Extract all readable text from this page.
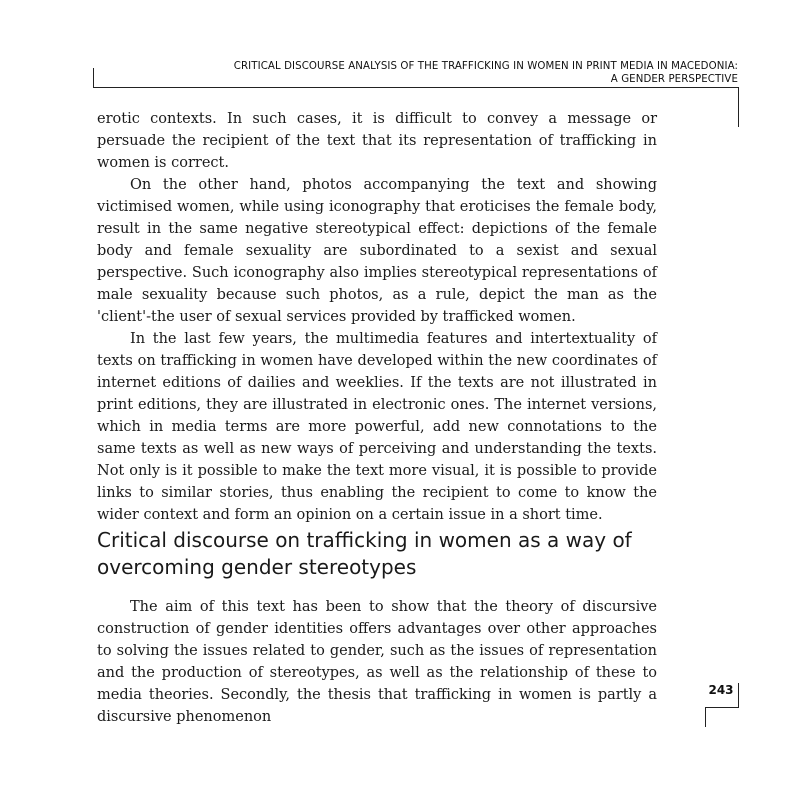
CRITICAL DISCOURSE ANALYSIS OF THE TRAFFICKING IN WOMEN IN PRINT MEDIA IN MACEDONIA:
A GENDER PERSPECTIVE

erotic contexts. In such cases, it is difficult to convey a message or persuade the recipient of the text that its representation of trafficking in women is correct.

On the other hand, photos accompanying the text and showing victimised women, while using iconography that eroticises the female body, result in the same negative stereotypical effect: depictions of the female body and female sexuality are subordinated to a sexist and sexual perspective. Such iconography also implies stereotypical representations of male sexuality because such photos, as a rule, depict the man as the 'client'-the user of sexual services provided by trafficked women.

In the last few years, the multimedia features and intertextuality of texts on trafficking in women have developed within the new coordinates of internet editions of dailies and weeklies. If the texts are not illustrated in print editions, they are illustrated in electronic ones. The internet versions, which in media terms are more powerful, add new connotations to the same texts as well as new ways of perceiving and understanding the texts. Not only is it possible to make the text more visual, it is possible to provide links to similar stories, thus enabling the recipient to come to know the wider context and form an opinion on a certain issue in a short time.

Critical discourse on trafficking in women as a way of overcoming gender stereotypes

The aim of this text has been to show that the theory of discursive construction of gender identities offers advantages over other approaches to solving the issues related to gender, such as the issues of representation and the production of stereotypes, as well as the relationship of these to media theories. Secondly, the thesis that trafficking in women is partly a discursive phenomenon

243
